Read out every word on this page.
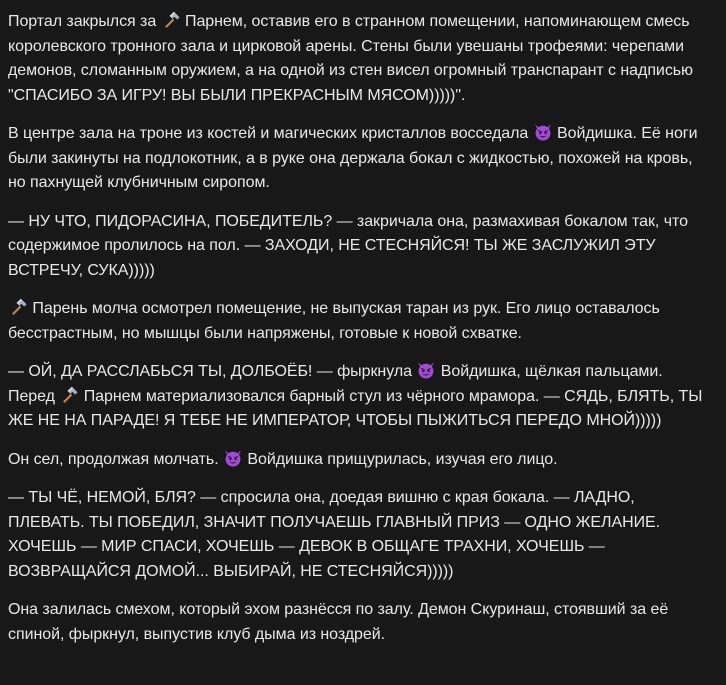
Портал закрылся за  Парнем, оставив его в странном помещении, напоминающем смесь королевского тронного зала и цирковой арены. Стены были увешаны трофеями: черепами демонов, сломанным оружием, а на одной из стен висел огромный транспарант с надписью "СПАСИБО ЗА ИГРУ! ВЫ БЫЛИ ПРЕКРАСНЫМ МЯСОМ)))))".

В центре зала на троне из костей и магических кристаллов восседала  Войдишка. Её ноги были закинуты на подлокотник, а в руке она держала бокал с жидкостью, похожей на кровь, но пахнущей клубничным сиропом.

— НУ ЧТО, ПИДОРАСИНА, ПОБЕДИТЕЛЬ? — закричала она, размахивая бокалом так, что содержимое пролилось на пол. — ЗАХОДИ, НЕ СТЕСНЯЙСЯ! ТЫ ЖЕ ЗАСЛУЖИЛ ЭТУ ВСТРЕЧУ, СУКА)))))

Парень молча осмотрел помещение, не выпуская таран из рук. Его лицо оставалось бесстрастным, но мышцы были напряжены, готовые к новой схватке.

— ОЙ, ДА РАССЛАБЬСЯ ТЫ, ДОЛБОЁБ! — фыркнула  Войдишка, щёлкая пальцами. Перед  Парнем материализовался барный стул из чёрного мрамора. — СЯДЬ, БЛЯТЬ, ТЫ ЖЕ НЕ НА ПАРАДЕ! Я ТЕБЕ НЕ ИМПЕРАТОР, ЧТОБЫ ПЫЖИТЬСЯ ПЕРЕДО МНОЙ)))))

Он сел, продолжая молчать.  Войдишка прищурилась, изучая его лицо.

— ТЫ ЧЁ, НЕМОЙ, БЛЯ? — спросила она, доедая вишню с края бокала. — ЛАДНО, ПЛЕВАТЬ. ТЫ ПОБЕДИЛ, ЗНАЧИТ ПОЛУЧАЕШЬ ГЛАВНЫЙ ПРИЗ — ОДНО ЖЕЛАНИЕ. ХОЧЕШЬ — МИР СПАСИ, ХОЧЕШЬ — ДЕВОК В ОБЩАГЕ ТРАХНИ, ХОЧЕШЬ — ВОЗВРАЩАЙСЯ ДОМОЙ... ВЫБИРАЙ, НЕ СТЕСНЯЙСЯ)))))

Она залилась смехом, который эхом разнёсся по залу. Демон Скуринаш, стоявший за её спиной, фыркнул, выпустив клуб дыма из ноздрей.
